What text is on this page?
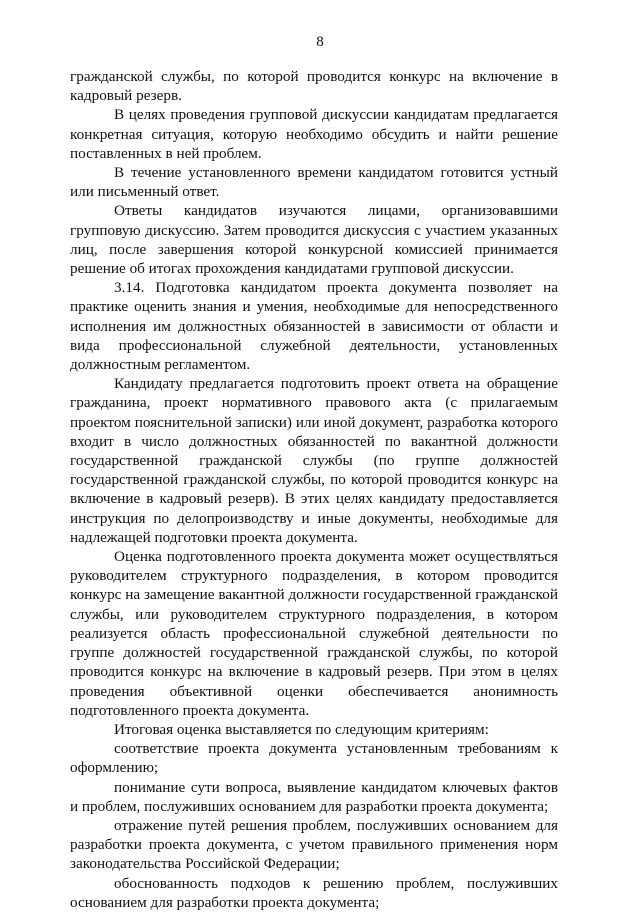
8

гражданской службы, по которой проводится конкурс на включение в кадровый резерв.

В целях проведения групповой дискуссии кандидатам предлагается конкретная ситуация, которую необходимо обсудить и найти решение поставленных в ней проблем.

В течение установленного времени кандидатом готовится устный или письменный ответ.

Ответы кандидатов изучаются лицами, организовавшими групповую дискуссию. Затем проводится дискуссия с участием указанных лиц, после завершения которой конкурсной комиссией принимается решение об итогах прохождения кандидатами групповой дискуссии.

3.14. Подготовка кандидатом проекта документа позволяет на практике оценить знания и умения, необходимые для непосредственного исполнения им должностных обязанностей в зависимости от области и вида профессиональной служебной деятельности, установленных должностным регламентом.

Кандидату предлагается подготовить проект ответа на обращение гражданина, проект нормативного правового акта (с прилагаемым проектом пояснительной записки) или иной документ, разработка которого входит в число должностных обязанностей по вакантной должности государственной гражданской службы (по группе должностей государственной гражданской службы, по которой проводится конкурс на включение в кадровый резерв). В этих целях кандидату предоставляется инструкция по делопроизводству и иные документы, необходимые для надлежащей подготовки проекта документа.

Оценка подготовленного проекта документа может осуществляться руководителем структурного подразделения, в котором проводится конкурс на замещение вакантной должности государственной гражданской службы, или руководителем структурного подразделения, в котором реализуется область профессиональной служебной деятельности по группе должностей государственной гражданской службы, по которой проводится конкурс на включение в кадровый резерв. При этом в целях проведения объективной оценки обеспечивается анонимность подготовленного проекта документа.

Итоговая оценка выставляется по следующим критериям:

соответствие проекта документа установленным требованиям к оформлению;

понимание сути вопроса, выявление кандидатом ключевых фактов и проблем, послуживших основанием для разработки проекта документа;

отражение путей решения проблем, послуживших основанием для разработки проекта документа, с учетом правильного применения норм законодательства Российской Федерации;

обоснованность подходов к решению проблем, послуживших основанием для разработки проекта документа;
